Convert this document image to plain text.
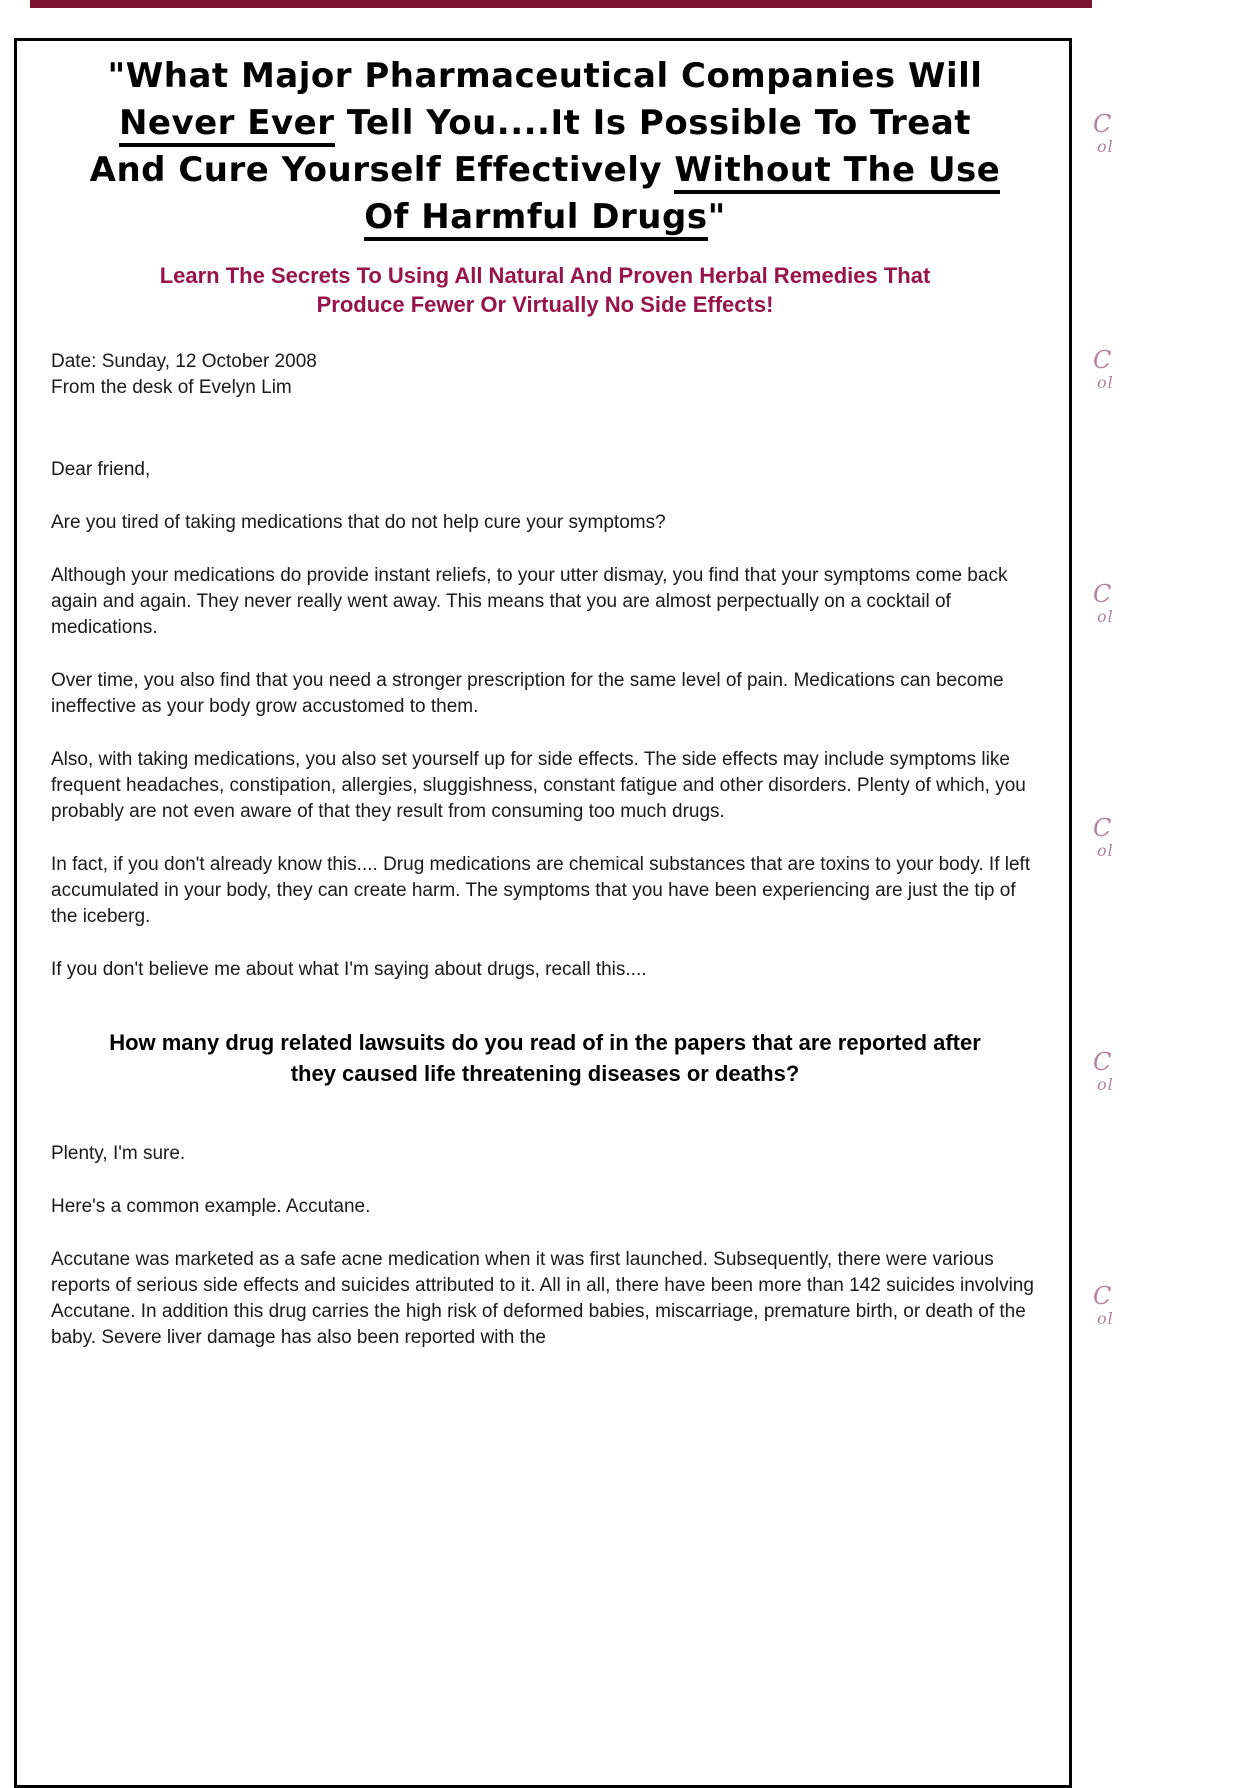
C
ol
C
ol
C
ol
C
ol
C
ol
C
ol
"What Major Pharmaceutical Companies Will
Never Ever Tell You....It Is Possible To Treat
And Cure Yourself Effectively Without The Use
Of Harmful Drugs"
Learn The Secrets To Using All Natural And Proven Herbal Remedies That
Produce Fewer Or Virtually No Side Effects!
Date: Sunday, 12 October 2008
From the desk of Evelyn Lim

Dear friend,

Are you tired of taking medications that do not help cure your symptoms?

Although your medications do provide instant reliefs, to your utter dismay, you find that your symptoms come back again and again. They never really went away. This means that you are almost perpectually on a cocktail of medications.

Over time, you also find that you need a stronger prescription for the same level of pain. Medications can become ineffective as your body grow accustomed to them.

Also, with taking medications, you also set yourself up for side effects. The side effects may include symptoms like frequent headaches, constipation, allergies, sluggishness, constant fatigue and other disorders. Plenty of which, you probably are not even aware of that they result from consuming too much drugs.

In fact, if you don't already know this.... Drug medications are chemical substances that are toxins to your body. If left accumulated in your body, they can create harm. The symptoms that you have been experiencing are just the tip of the iceberg.

If you don't believe me about what I'm saying about drugs, recall this....

How many drug related lawsuits do you read of in the papers that are reported after
they caused life threatening diseases or deaths?

Plenty, I'm sure.

Here's a common example. Accutane.

Accutane was marketed as a safe acne medication when it was first launched. Subsequently, there were various reports of serious side effects and suicides attributed to it. All in all, there have been more than 142 suicides involving Accutane. In addition this drug carries the high risk of deformed babies, miscarriage, premature birth, or death of the baby. Severe liver damage has also been reported with the
